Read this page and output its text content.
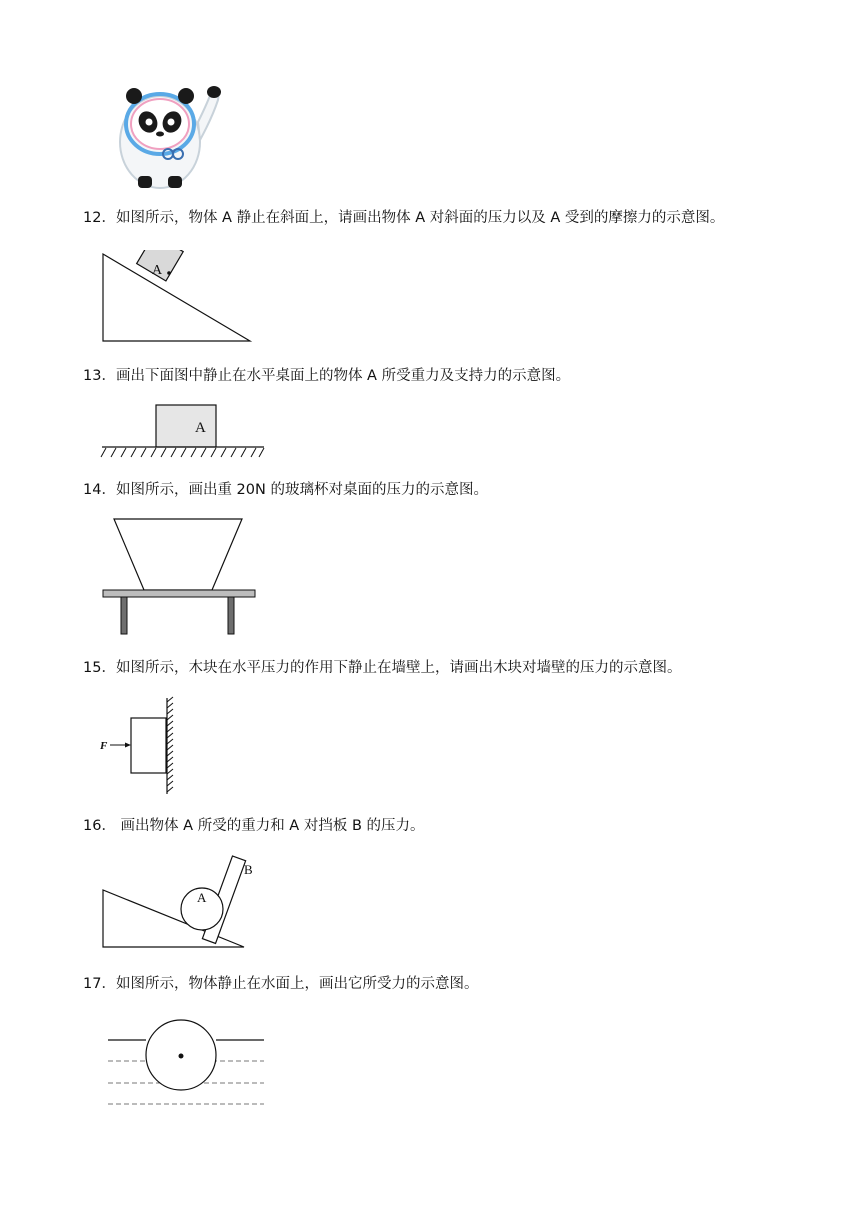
12．如图所示，物体 A 静止在斜面上，请画出物体 A 对斜面的压力以及 A 受到的摩擦力的示意图。
A
13．画出下面图中静止在水平桌面上的物体 A 所受重力及支持力的示意图。
A
14．如图所示，画出重 20N 的玻璃杯对桌面的压力的示意图。
15．如图所示，木块在水平压力的作用下静止在墙壁上，请画出木块对墙壁的压力的示意图。
F
16． 画出物体 A 所受的重力和 A 对挡板 B 的压力。
A
B
17．如图所示，物体静止在水面上，画出它所受力的示意图。
